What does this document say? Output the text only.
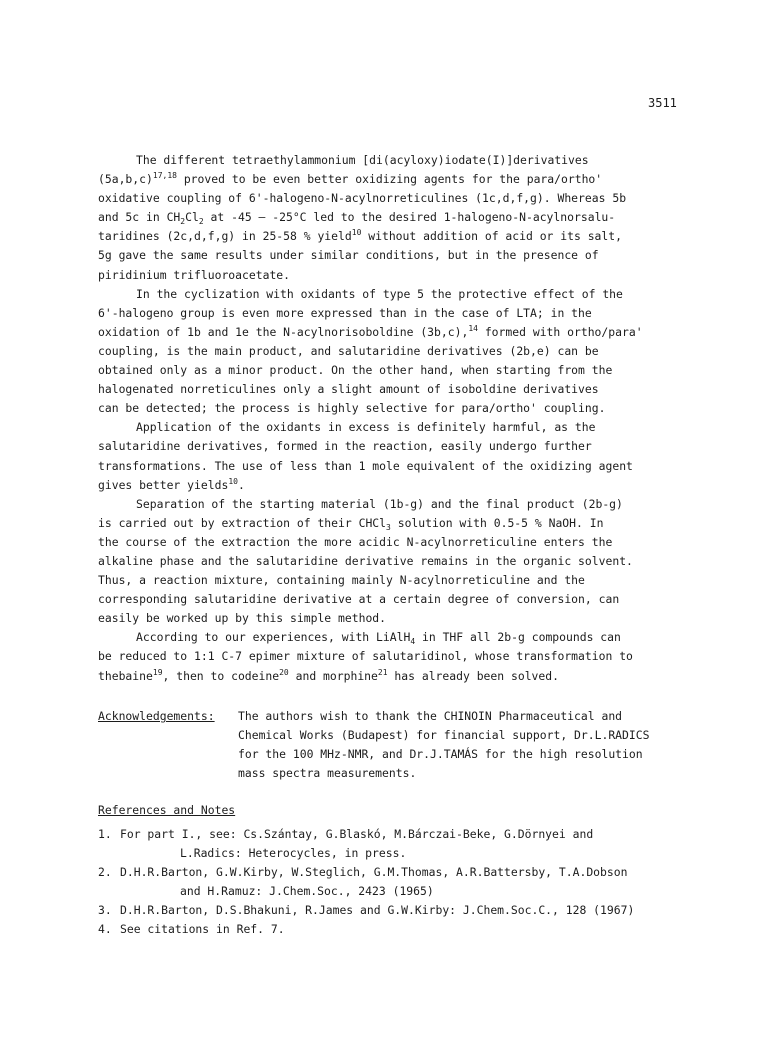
3511

The different tetraethylammonium [di(acyloxy)iodate(I)]derivatives
$(5a,b,c)^{17,18}$ proved to be even better oxidizing agents for the para/ortho'

oxidative coupling of 6'-halogeno-N-acylnorreticulines (1c,d,f,g). Whereas 5b
and 5c in $CH_2Cl_2$ at -45 — -25°C led to the desired 1-halogeno-N-acylnorsalu-
taridines (2c,d,f,g) in 25-58 % yield$^{10}$ without addition of acid or its salt,
5g gave the same results under similar conditions, but in the presence of
piridinium trifluoroacetate.

In the cyclization with oxidants of type 5 the protective effect of the
6'-halogeno group is even more expressed than in the case of LTA; in the
oxidation of 1b and 1e the N-acylnorisoboldine (3b,c),$^{14}$ formed with ortho/para'
coupling, is the main product, and salutaridine derivatives (2b,e) can be
obtained only as a minor product. On the other hand, when starting from the
halogenated norreticulines only a slight amount of isoboldine derivatives
can be detected; the process is highly selective for para/ortho' coupling.

Application of the oxidants in excess is definitely harmful, as the
salutaridine derivatives, formed in the reaction, easily undergo further
transformations. The use of less than 1 mole equivalent of the oxidizing agent
gives better yields$^{10}$.

Separation of the starting material (1b-g) and the final product (2b-g)
is carried out by extraction of their CHCl$_3$ solution with 0.5-5 % NaOH. In
the course of the extraction the more acidic N-acylnorreticuline enters the
alkaline phase and the salutaridine derivative remains in the organic solvent.
Thus, a reaction mixture, containing mainly N-acylnorreticuline and the
corresponding salutaridine derivative at a certain degree of conversion, can
easily be worked up by this simple method.

According to our experiences, with LiAlH$_4$ in THF all 2b-g compounds can
be reduced to 1:1 C-7 epimer mixture of salutaridinol, whose transformation to
thebaine$^{19}$, then to codeine$^{20}$ and morphine$^{21}$ has already been solved.

Acknowledgements: The authors wish to thank the CHINOIN Pharmaceutical and
Chemical Works (Budapest) for financial support, Dr.L.RADICS
for the 100 MHz-NMR, and Dr.J.TAMÁS for the high resolution
mass spectra measurements.
References and Notes
1. For part I., see: Cs.Szántay, G.Blaskó, M.Bárczai-Beke, G.Dörnyei and
L.Radics: Heterocycles, in press.
2. D.H.R.Barton, G.W.Kirby, W.Steglich, G.M.Thomas, A.R.Battersby, T.A.Dobson
and H.Ramuz: J.Chem.Soc., 2423 (1965)
3. D.H.R.Barton, D.S.Bhakuni, R.James and G.W.Kirby: J.Chem.Soc.C., 128 (1967)
4. See citations in Ref. 7.
